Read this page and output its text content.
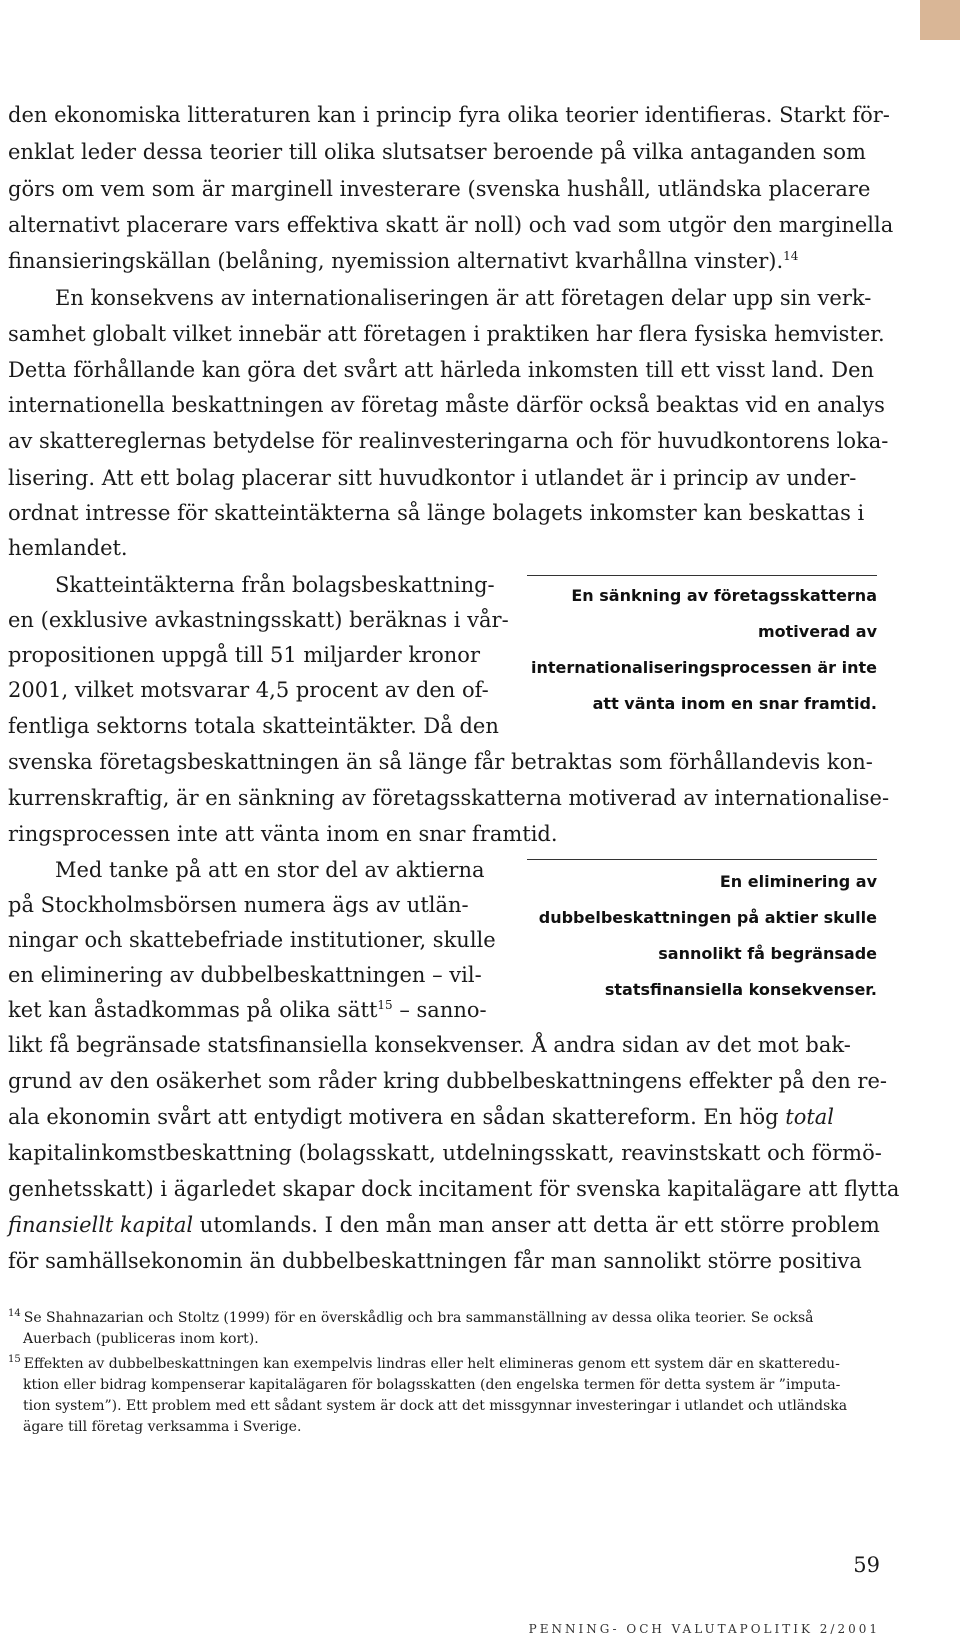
den ekonomiska litteraturen kan i princip fyra olika teorier identifieras. Starkt för-
enklat leder dessa teorier till olika slutsatser beroende på vilka antaganden som
görs om vem som är marginell investerare (svenska hushåll, utländska placerare
alternativt placerare vars effektiva skatt är noll) och vad som utgör den marginella
finansieringskällan (belåning, nyemission alternativt kvarhållna vinster).$^{14}$
En konsekvens av internationaliseringen är att företagen delar upp sin verk-
samhet globalt vilket innebär att företagen i praktiken har flera fysiska hemvister.
Detta förhållande kan göra det svårt att härleda inkomsten till ett visst land. Den
internationella beskattningen av företag måste därför också beaktas vid en analys
av skattereglernas betydelse för realinvesteringarna och för huvudkontorens loka-
lisering. Att ett bolag placerar sitt huvudkontor i utlandet är i princip av under-
ordnat intresse för skatteintäkterna så länge bolagets inkomster kan beskattas i
hemlandet.
Skatteintäkterna från bolagsbeskattning-
en (exklusive avkastningsskatt) beräknas i vår-
propositionen uppgå till 51 miljarder kronor
2001, vilket motsvarar 4,5 procent av den of-
fentliga sektorns totala skatteintäkter. Då den
svenska företagsbeskattningen än så länge får betraktas som förhållandevis kon-
kurrenskraftig, är en sänkning av företagsskatterna motiverad av internationalise-
ringsprocessen inte att vänta inom en snar framtid.
Med tanke på att en stor del av aktierna
på Stockholmsbörsen numera ägs av utlän-
ningar och skattebefriade institutioner, skulle
en eliminering av dubbelbeskattningen – vil-
ket kan åstadkommas på olika sätt$^{15}$ – sanno-
likt få begränsade statsfinansiella konsekvenser. Å andra sidan av det mot bak-
grund av den osäkerhet som råder kring dubbelbeskattningens effekter på den re-
ala ekonomin svårt att entydigt motivera en sådan skattereform. En hög total
kapitalinkomstbeskattning (bolagsskatt, utdelningsskatt, reavinstskatt och förmö-
genhetsskatt) i ägarledet skapar dock incitament för svenska kapitalägare att flytta
finansiellt kapital utomlands. I den mån man anser att detta är ett större problem
för samhällsekonomin än dubbelbeskattningen får man sannolikt större positiva
En sänkning av företagsskatterna
motiverad av
internationaliseringsprocessen är inte
att vänta inom en snar framtid.
En eliminering av
dubbelbeskattningen på aktier skulle
sannolikt få begränsade
statsfinansiella konsekvenser.
$^{14}$ Se Shahnazarian och Stoltz (1999) för en överskådlig och bra sammanställning av dessa olika teorier. Se också
Auerbach (publiceras inom kort).
$^{15}$ Effekten av dubbelbeskattningen kan exempelvis lindras eller helt elimineras genom ett system där en skatteredu-
ktion eller bidrag kompenserar kapitalägaren för bolagsskatten (den engelska termen för detta system är ”imputa-
tion system”). Ett problem med ett sådant system är dock att det missgynnar investeringar i utlandet och utländska
ägare till företag verksamma i Sverige.
59
PENNING- OCH VALUTAPOLITIK 2/2001
